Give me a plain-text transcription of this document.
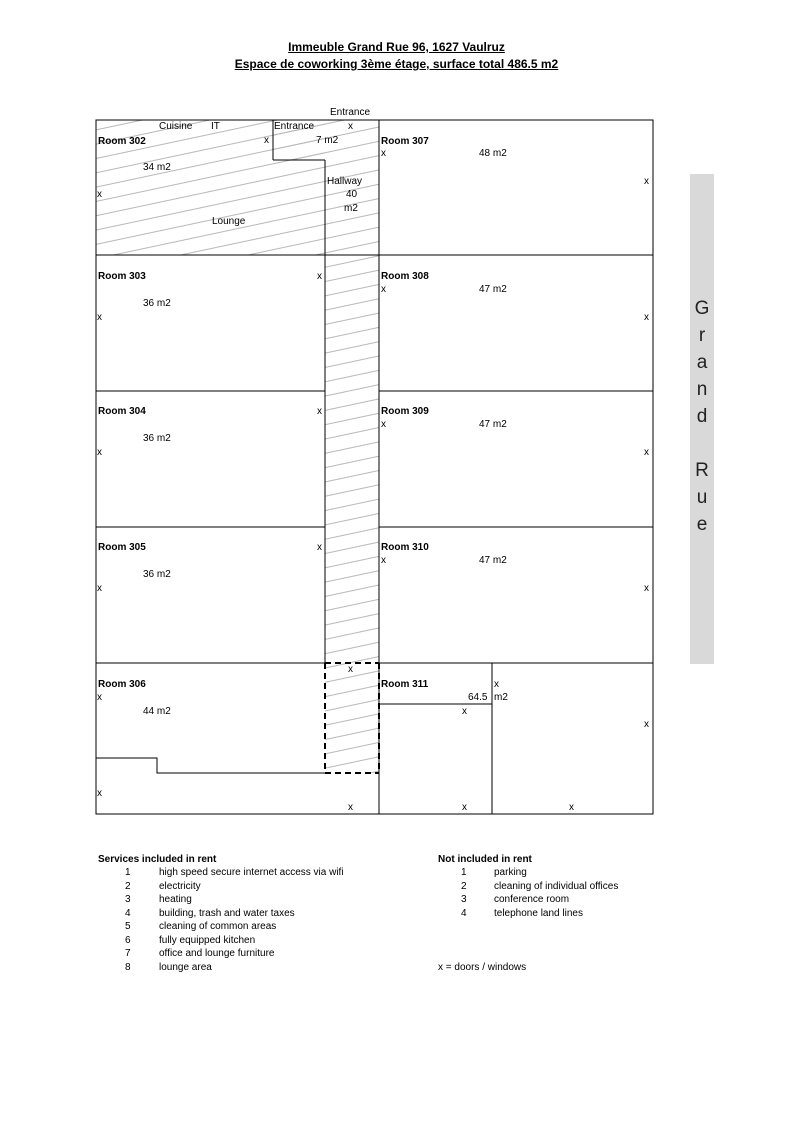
Immeuble Grand Rue 96, 1627 Vaulruz
Espace de coworking 3ème étage, surface total 486.5 m2
Entrance
Cuisine IT	Entrance	x
7 m2
x
Hallway
40
m2
Lounge
Room 302
34 m2
x
Room 303
36 m2
x
x
Room 304
36 m2
x
x
Room 305
36 m2
x
x
Room 306
x
44 m2
x
x
x
Room 307
x	48 m2
x
Room 308
x	47 m2
x
Room 309
x	47 m2
x
Room 310
x	47 m2
x
Room 311	x
64.5 m2
x
x
x	x
G
r
a
n
d
R
u
e
Services included in rent
1	high speed secure internet access via wifi
2	electricity
3	heating
4	building, trash and water taxes
5	cleaning of common areas
6	fully equipped kitchen
7	office and lounge furniture
8	lounge area
Not included in rent
1	parking
2	cleaning of individual offices
3	conference room
4	telephone land lines
x = doors / windows
